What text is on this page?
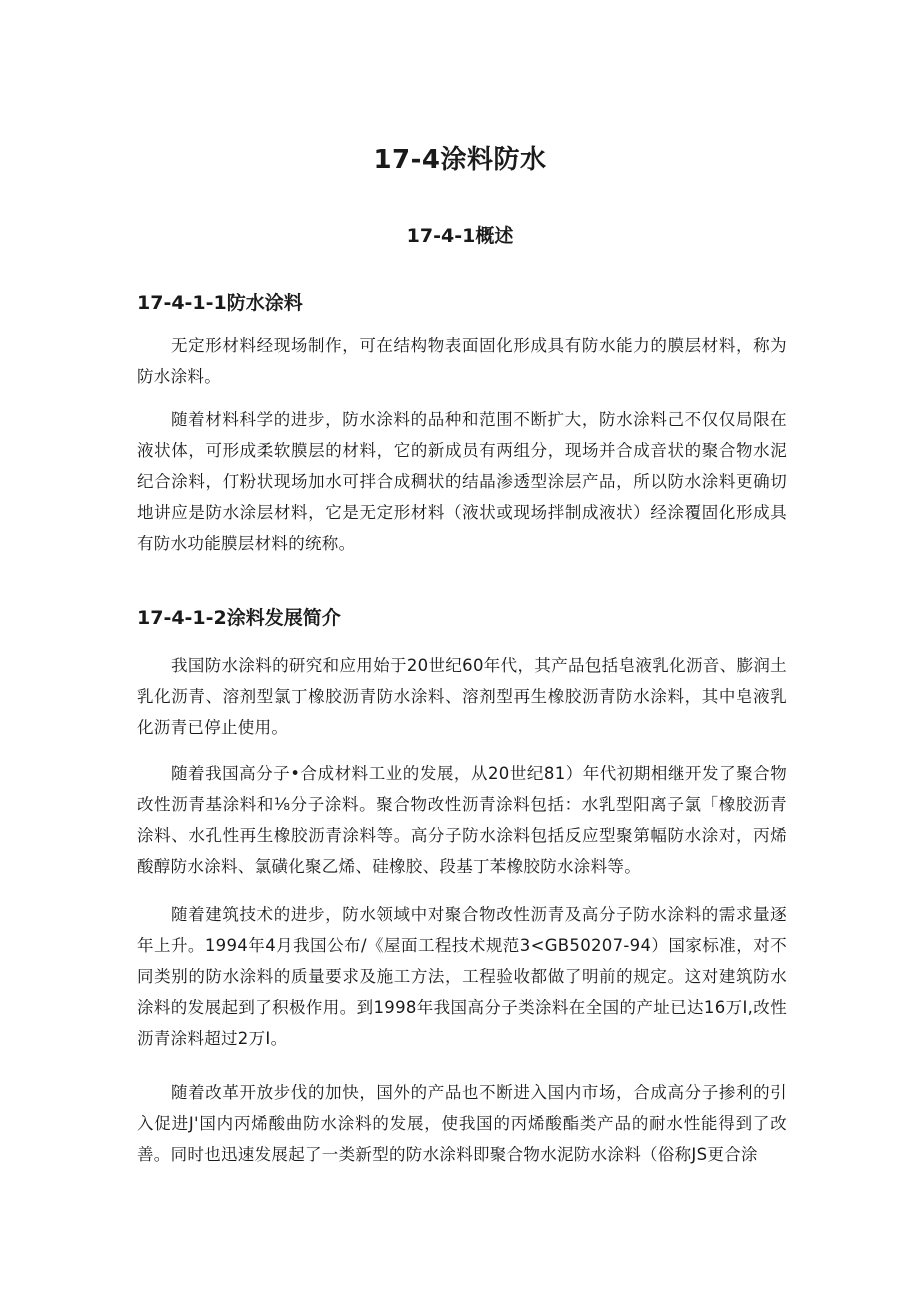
17-4涂料防水
17-4-1概述
17-4-1-1防水涂料
无定形材料经现场制作，可在结构物表面固化形成具有防水能力的膜层材料，称为防水涂料。
随着材料科学的进步，防水涂料的品种和范围不断扩大，防水涂料己不仅仅局限在液状体，可形成柔软膜层的材料，它的新成员有两组分，现场并合成音状的聚合物水泥纪合涂料，仃粉状现场加水可拌合成稠状的结晶渗透型涂层产品，所以防水涂料更确切地讲应是防水涂层材料，它是无定形材料（液状或现场拌制成液状）经涂覆固化形成具有防水功能膜层材料的统称。
17-4-1-2涂料发展简介
我国防水涂料的研究和应用始于20世纪60年代，其产品包括皂液乳化沥音、膨润土乳化沥青、溶剂型氯丁橡胶沥青防水涂料、溶剂型再生橡胶沥青防水涂料，其中皂液乳化沥青已停止使用。
随着我国高分子•合成材料工业的发展，从20世纪81）年代初期相继开发了聚合物改性沥青基涂料和⅛分子涂料。聚合物改性沥青涂料包括：水乳型阳离子氯「橡胶沥青涂料、水孔性再生橡胶沥青涂料等。高分子防水涂料包括反应型聚第幅防水涂对，丙烯酸醇防水涂料、氯磺化聚乙烯、硅橡胶、段基丁苯橡胶防水涂料等。
随着建筑技术的进步，防水领域中对聚合物改性沥青及高分子防水涂料的需求量逐年上升。1994年4月我国公布/《屋面工程技术规范3<GB50207-94）国家标准，对不同类别的防水涂料的质量要求及施工方法，工程验收都做了明前的规定。这对建筑防水涂料的发展起到了积极作用。到1998年我国高分子类涂料在全国的产址已达16万I,改性沥青涂料超过2万I。
随着改革开放步伐的加快，国外的产品也不断进入国内市场，合成高分子掺利的引入促进J'国内丙烯酸曲防水涂料的发展，使我国的丙烯酸酯类产品的耐水性能得到了改善。同时也迅速发展起了一类新型的防水涂料即聚合物水泥防水涂料（俗称JS更合涂
